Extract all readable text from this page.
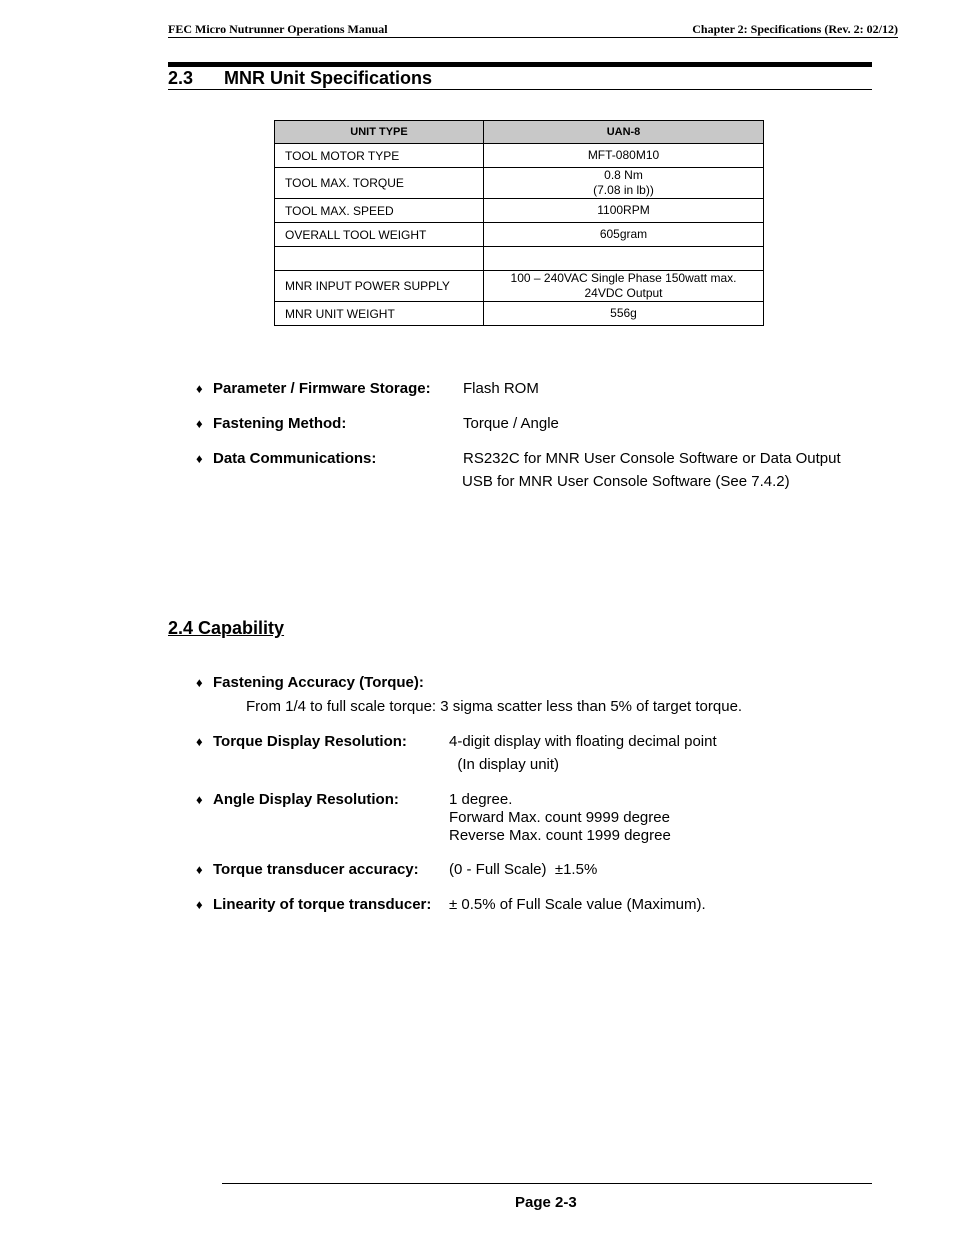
FEC Micro Nutrunner Operations Manual	Chapter 2: Specifications (Rev. 2: 02/12)
2.3 MNR Unit Specifications
UNIT TYPE	UAN-8
TOOL MOTOR TYPE	MFT-080M10
TOOL MAX. TORQUE	0.8 Nm
(7.08 in lb))
TOOL MAX. SPEED	1100RPM
OVERALL TOOL WEIGHT	605gram

MNR INPUT POWER SUPPLY	100 – 240VAC Single Phase 150watt max.
24VDC Output
MNR UNIT WEIGHT	556g
♦ Parameter / Firmware Storage: Flash ROM
♦ Fastening Method:	Torque / Angle
♦ Data Communications:	RS232C for MNR User Console Software or Data Output
USB for MNR User Console Software (See 7.4.2)
2.4 Capability
♦ Fastening Accuracy (Torque):
From 1/4 to full scale torque: 3 sigma scatter less than 5% of target torque.
♦ Torque Display Resolution:	4-digit display with floating decimal point
(In display unit)
♦ Angle Display Resolution:	1 degree.
Forward Max. count 9999 degree
Reverse Max. count 1999 degree
♦ Torque transducer accuracy: (0 - Full Scale)  ±1.5%
♦ Linearity of torque transducer: ± 0.5% of Full Scale value (Maximum).
Page 2-3
